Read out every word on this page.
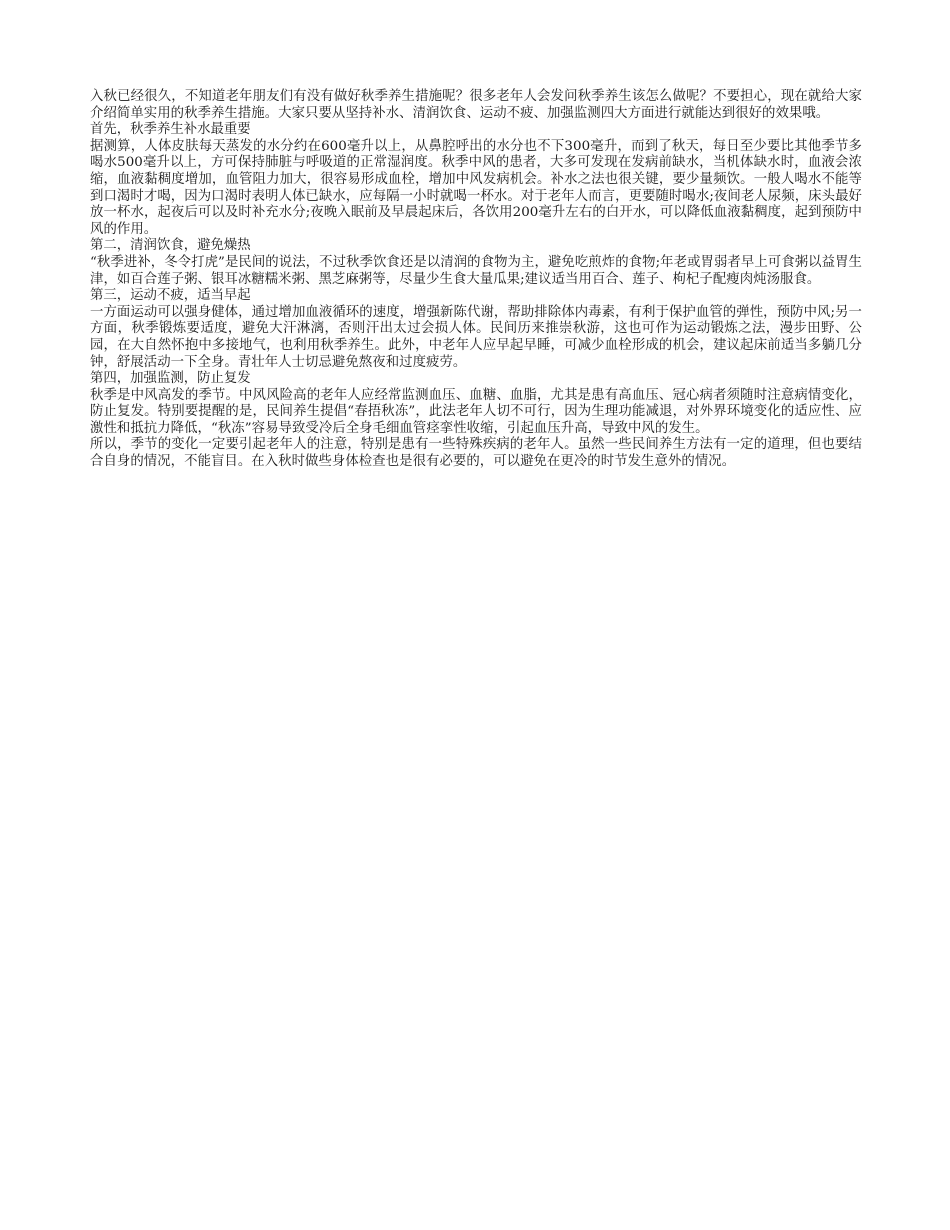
入秋已经很久，不知道老年朋友们有没有做好秋季养生措施呢？很多老年人会发问秋季养生该怎么做呢？不要担心，现在就给大家介绍简单实用的秋季养生措施。大家只要从坚持补水、清润饮食、运动不疲、加强监测四大方面进行就能达到很好的效果哦。

首先，秋季养生补水最重要

据测算，人体皮肤每天蒸发的水分约在600毫升以上，从鼻腔呼出的水分也不下300毫升，而到了秋天，每日至少要比其他季节多喝水500毫升以上，方可保持肺脏与呼吸道的正常湿润度。秋季中风的患者，大多可发现在发病前缺水，当机体缺水时，血液会浓缩，血液黏稠度增加，血管阻力加大，很容易形成血栓，增加中风发病机会。补水之法也很关键，要少量频饮。一般人喝水不能等到口渴时才喝，因为口渴时表明人体已缺水，应每隔一小时就喝一杯水。对于老年人而言，更要随时喝水;夜间老人尿频，床头最好放一杯水，起夜后可以及时补充水分;夜晚入眠前及早晨起床后，各饮用200毫升左右的白开水，可以降低血液黏稠度，起到预防中风的作用。

第二，清润饮食，避免燥热

“秋季进补，冬令打虎”是民间的说法，不过秋季饮食还是以清润的食物为主，避免吃煎炸的食物;年老或胃弱者早上可食粥以益胃生津，如百合莲子粥、银耳冰糖糯米粥、黑芝麻粥等，尽量少生食大量瓜果;建议适当用百合、莲子、枸杞子配瘦肉炖汤服食。

第三，运动不疲，适当早起

一方面运动可以强身健体，通过增加血液循环的速度，增强新陈代谢，帮助排除体内毒素，有利于保护血管的弹性，预防中风;另一方面，秋季锻炼要适度，避免大汗淋漓，否则汗出太过会损人体。民间历来推崇秋游，这也可作为运动锻炼之法，漫步田野、公园，在大自然怀抱中多接地气，也利用秋季养生。此外，中老年人应早起早睡，可减少血栓形成的机会，建议起床前适当多躺几分钟，舒展活动一下全身。青壮年人士切忌避免熬夜和过度疲劳。

第四，加强监测，防止复发

秋季是中风高发的季节。中风风险高的老年人应经常监测血压、血糖、血脂，尤其是患有高血压、冠心病者须随时注意病情变化，防止复发。特别要提醒的是，民间养生提倡“春捂秋冻”，此法老年人切不可行，因为生理功能减退，对外界环境变化的适应性、应激性和抵抗力降低，“秋冻”容易导致受冷后全身毛细血管痉挛性收缩，引起血压升高，导致中风的发生。

所以，季节的变化一定要引起老年人的注意，特别是患有一些特殊疾病的老年人。虽然一些民间养生方法有一定的道理，但也要结合自身的情况，不能盲目。在入秋时做些身体检查也是很有必要的，可以避免在更冷的时节发生意外的情况。
